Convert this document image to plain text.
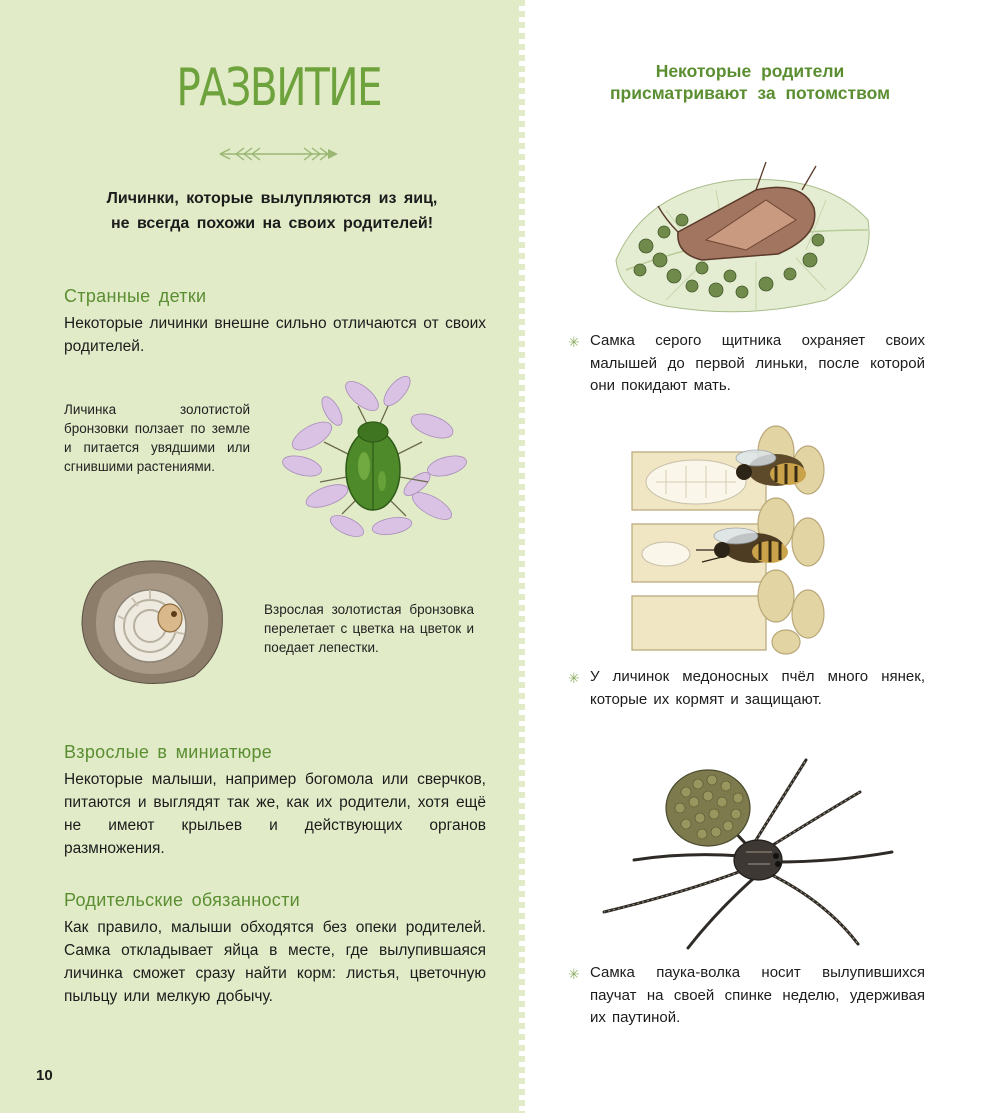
РАЗВИТИЕ
Личинки, которые вылупляются из яиц,
не всегда похожи на своих родителей!
Странные детки
Некоторые личинки внешне сильно отличаются от своих родителей.
Личинка золотистой бронзовки ползает по земле и питается увядшими или сгнившими растениями.
Взрослая золотистая бронзовка перелетает с цветка на цветок и поедает лепестки.
Взрослые в миниатюре
Некоторые малыши, например богомола или сверчков, питаются и выглядят так же, как их родители, хотя ещё не имеют крыльев и действующих органов размножения.
Родительские обязанности
Как правило, малыши обходятся без опеки родителей. Самка откладывает яйца в месте, где вылупившаяся личинка сможет сразу найти корм: листья, цветочную пыльцу или мелкую добычу.
10
Некоторые родители
присматривают за потомством
✳ Самка серого щитника охраняет своих малышей до первой линьки, после которой они покидают мать.
✳ У личинок медоносных пчёл много нянек, которые их кормят и защищают.
✳ Самка паука-волка носит вылупившихся паучат на своей спинке неделю, удерживая их паутиной.
